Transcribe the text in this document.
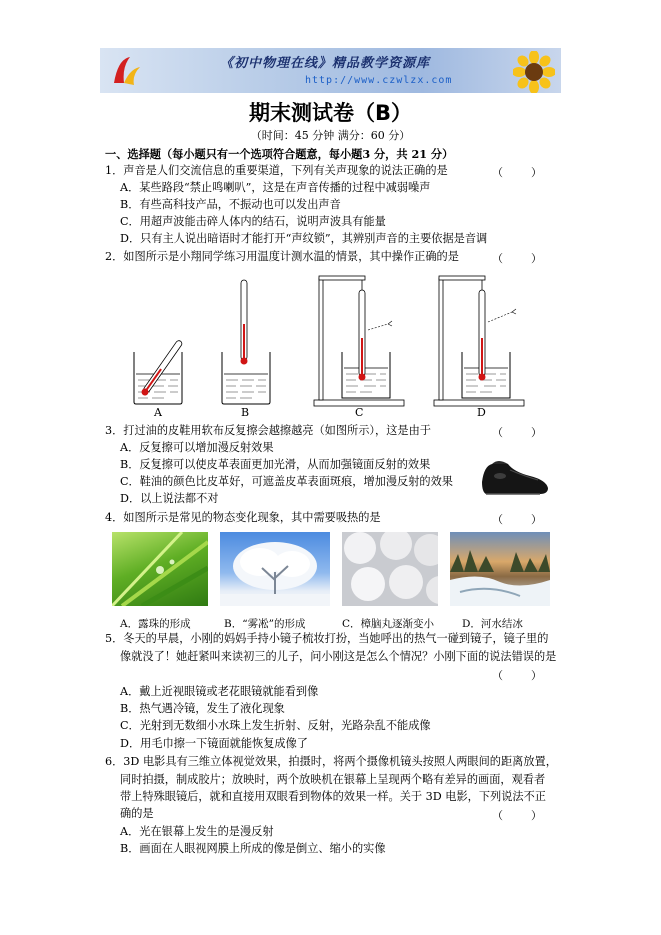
《初中物理在线》精品教学资源库
http://www.czwlzx.com
期末测试卷（B）
（时间：45 分钟 满分：60 分）
一、选择题（每小题只有一个选项符合题意，每小题3 分，共 21 分）
1．声音是人们交流信息的重要渠道，下列有关声现象的说法正确的是	（        ）
A．某些路段“禁止鸣喇叭”，这是在声音传播的过程中减弱噪声
B．有些高科技产品，不振动也可以发出声音
C．用超声波能击碎人体内的结石，说明声波具有能量
D．只有主人说出暗语时才能打开“声纹锁”，其辨别声音的主要依据是音调
2．如图所示是小翔同学练习用温度计测水温的情景，其中操作正确的是	（        ）
A	B	C	D
3．打过油的皮鞋用软布反复擦会越擦越亮（如图所示），这是由于	（        ）
A．反复擦可以增加漫反射效果
B．反复擦可以使皮革表面更加光滑，从而加强镜面反射的效果
C．鞋油的颜色比皮革好，可遮盖皮革表面斑痕，增加漫反射的效果
D．以上说法都不对
4．如图所示是常见的物态变化现象，其中需要吸热的是	（        ）
A．露珠的形成	B．“雾凇”的形成	C．樟脑丸逐渐变小	D．河水结冰
5．冬天的早晨，小刚的妈妈手持小镜子梳妆打扮，当她呼出的热气一碰到镜子，镜子里的
像就没了！她赶紧叫来读初三的儿子，问小刚这是怎么个情况？小刚下面的说法错误的是
（        ）
A．戴上近视眼镜或老花眼镜就能看到像
B．热气遇冷镜，发生了液化现象
C．光射到无数细小水珠上发生折射、反射，光路杂乱不能成像
D．用毛巾擦一下镜面就能恢复成像了
6．3D 电影具有三维立体视觉效果，拍摄时，将两个摄像机镜头按照人两眼间的距离放置，
同时拍摄，制成胶片；放映时，两个放映机在银幕上呈现两个略有差异的画面，观看者
带上特殊眼镜后，就和直接用双眼看到物体的效果一样。关于 3D 电影，下列说法不正
确的是	（        ）
A．光在银幕上发生的是漫反射
B．画面在人眼视网膜上所成的像是倒立、缩小的实像
